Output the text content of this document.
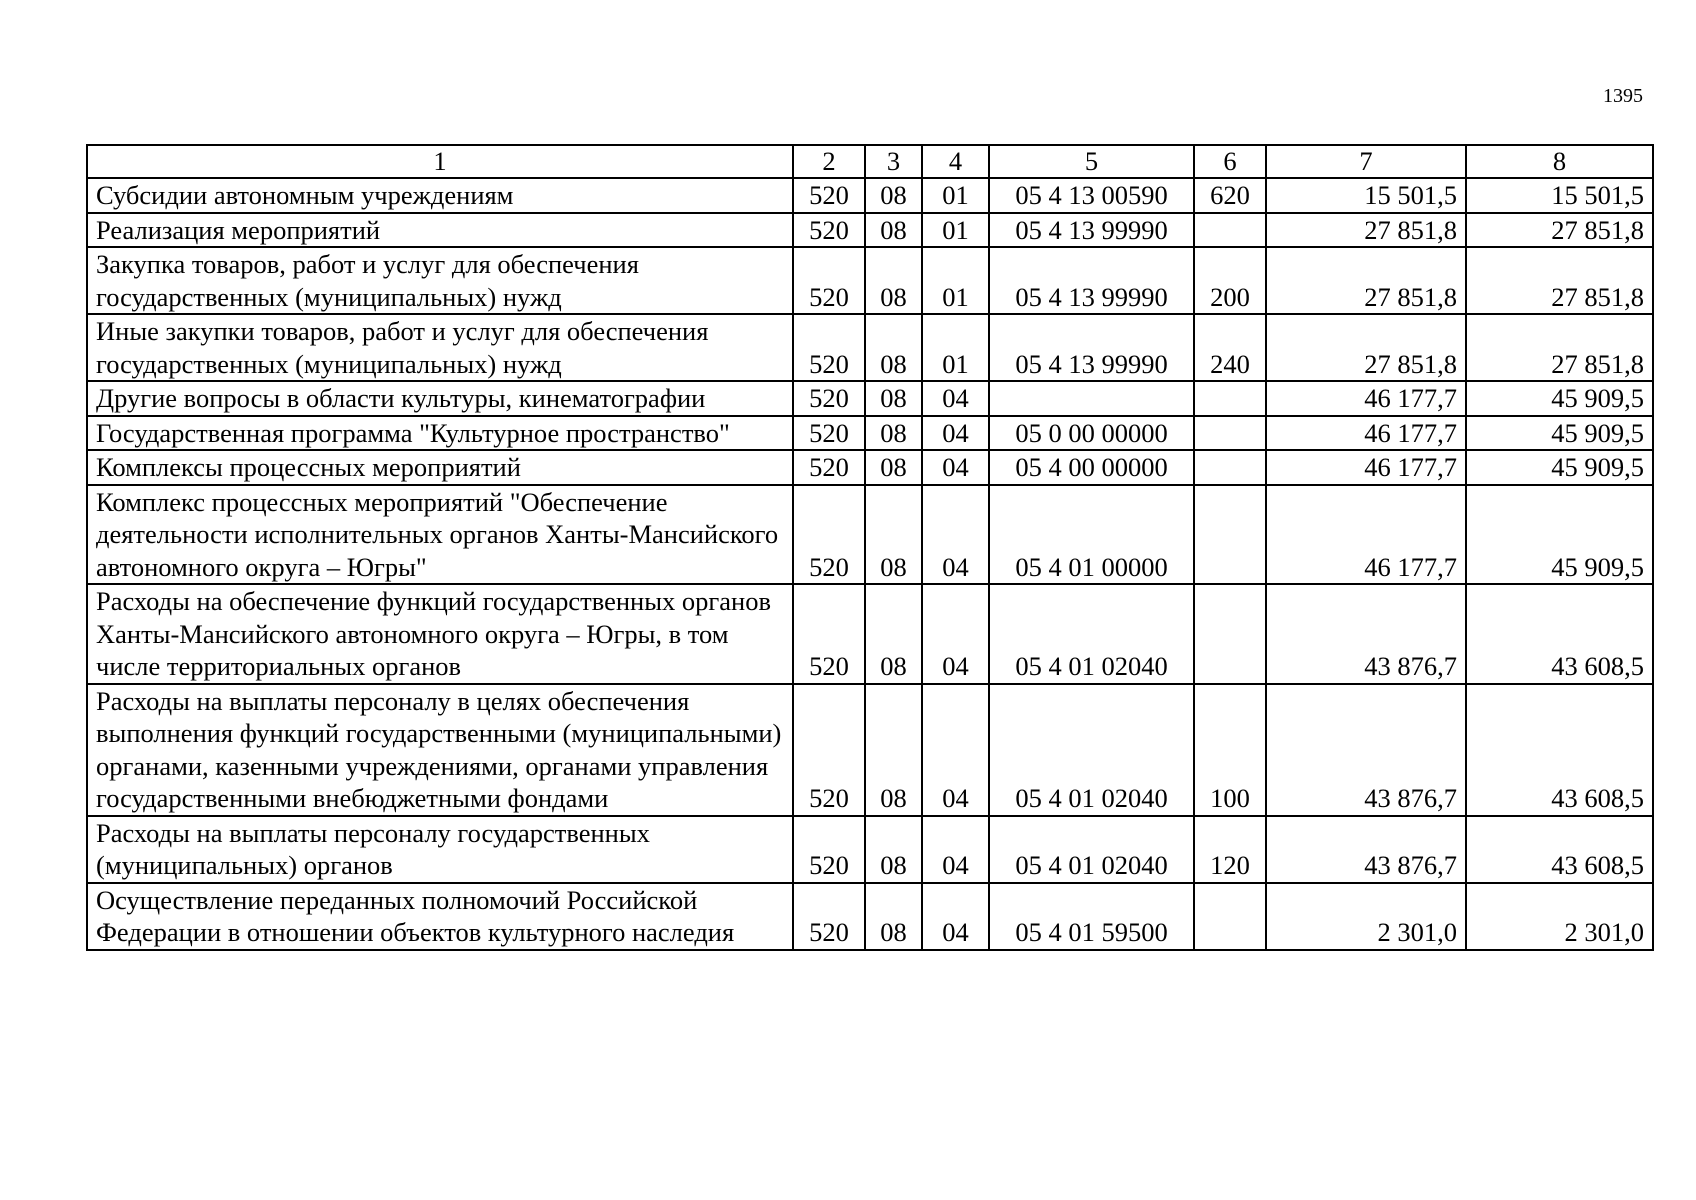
1395
1	2	3	4	5	6	7	8
Субсидии автономным учреждениям	520	08	01	05 4 13 00590	620	15 501,5	15 501,5
Реализация мероприятий	520	08	01	05 4 13 99990		27 851,8	27 851,8
Закупка товаров, работ и услуг для обеспечения государственных (муниципальных) нужд	520	08	01	05 4 13 99990	200	27 851,8	27 851,8
Иные закупки товаров, работ и услуг для обеспечения государственных (муниципальных) нужд	520	08	01	05 4 13 99990	240	27 851,8	27 851,8
Другие вопросы в области культуры, кинематографии	520	08	04			46 177,7	45 909,5
Государственная программа "Культурное пространство"	520	08	04	05 0 00 00000		46 177,7	45 909,5
Комплексы процессных мероприятий	520	08	04	05 4 00 00000		46 177,7	45 909,5
Комплекс процессных мероприятий "Обеспечение деятельности исполнительных органов Ханты-Мансийского автономного округа – Югры"	520	08	04	05 4 01 00000		46 177,7	45 909,5
Расходы на обеспечение функций государственных органов Ханты-Мансийского автономного округа – Югры, в том числе территориальных органов	520	08	04	05 4 01 02040		43 876,7	43 608,5
Расходы на выплаты персоналу в целях обеспечения выполнения функций государственными (муниципальными) органами, казенными учреждениями, органами управления государственными внебюджетными фондами	520	08	04	05 4 01 02040	100	43 876,7	43 608,5
Расходы на выплаты персоналу государственных (муниципальных) органов	520	08	04	05 4 01 02040	120	43 876,7	43 608,5
Осуществление переданных полномочий Российской Федерации в отношении объектов культурного наследия	520	08	04	05 4 01 59500		2 301,0	2 301,0
